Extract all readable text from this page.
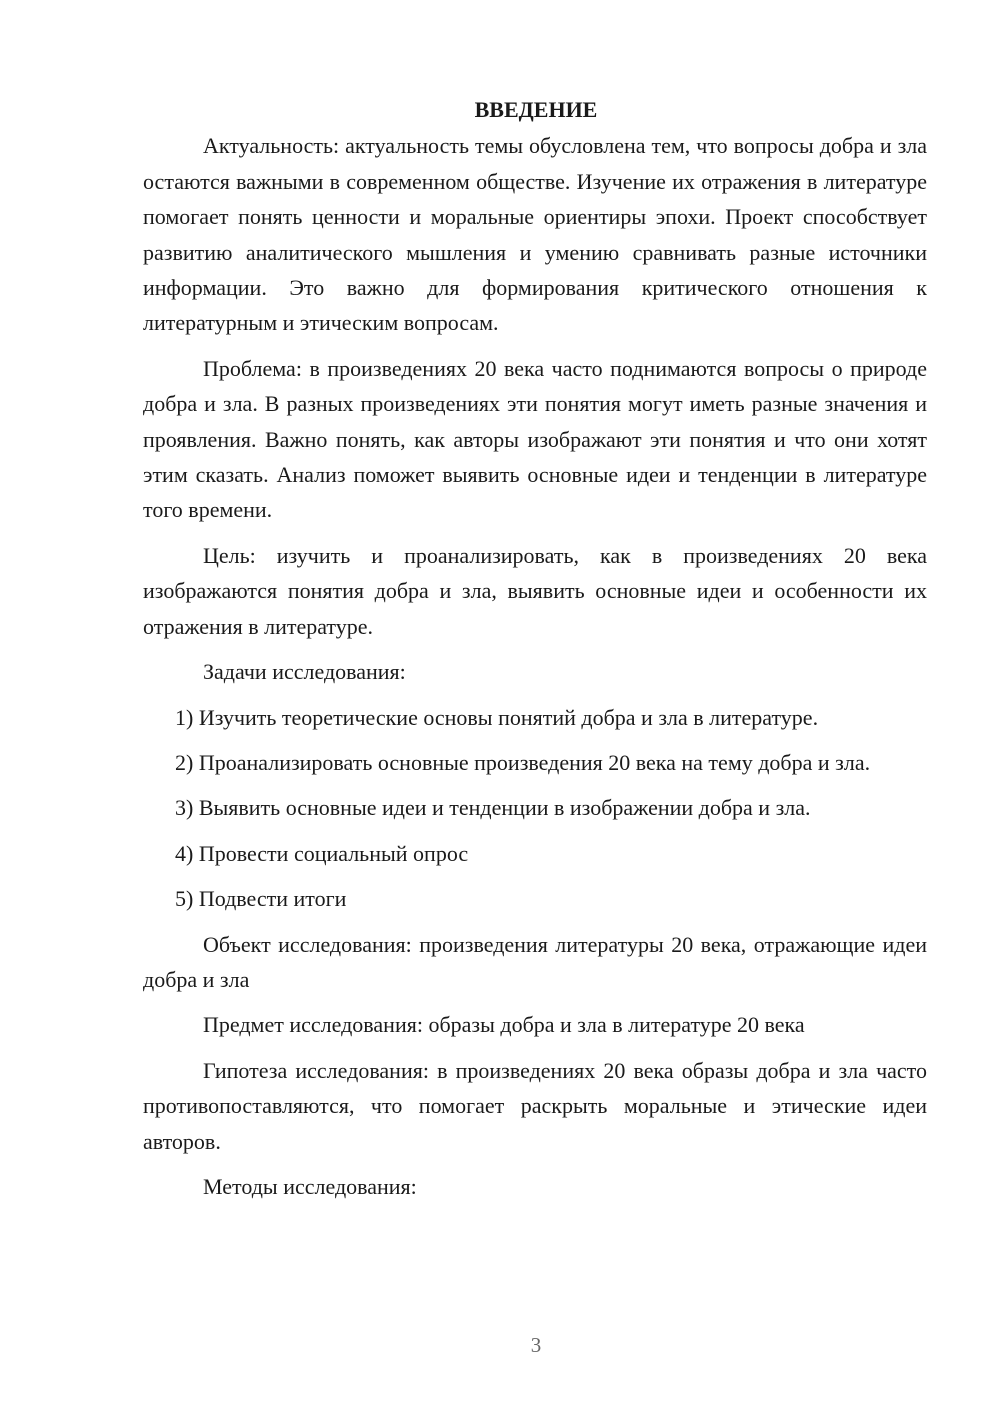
ВВЕДЕНИЕ

Актуальность: актуальность темы обусловлена тем, что вопросы добра и зла остаются важными в современном обществе. Изучение их отражения в литературе помогает понять ценности и моральные ориентиры эпохи. Проект способствует развитию аналитического мышления и умению сравнивать разные источники информации. Это важно для формирования критического отношения к литературным и этическим вопросам.

Проблема: в произведениях 20 века часто поднимаются вопросы о природе добра и зла. В разных произведениях эти понятия могут иметь разные значения и проявления. Важно понять, как авторы изображают эти понятия и что они хотят этим сказать. Анализ поможет выявить основные идеи и тенденции в литературе того времени.

Цель: изучить и проанализировать, как в произведениях 20 века изображаются понятия добра и зла, выявить основные идеи и особенности их отражения в литературе.

Задачи исследования:

1) Изучить теоретические основы понятий добра и зла в литературе.

2) Проанализировать основные произведения 20 века на тему добра и зла.

3) Выявить основные идеи и тенденции в изображении добра и зла.

4) Провести социальный опрос

5) Подвести итоги

Объект исследования: произведения литературы 20 века, отражающие идеи добра и зла

Предмет исследования: образы добра и зла в литературе 20 века

Гипотеза исследования: в произведениях 20 века образы добра и зла часто противопоставляются, что помогает раскрыть моральные и этические идеи авторов.

Методы исследования:

3
